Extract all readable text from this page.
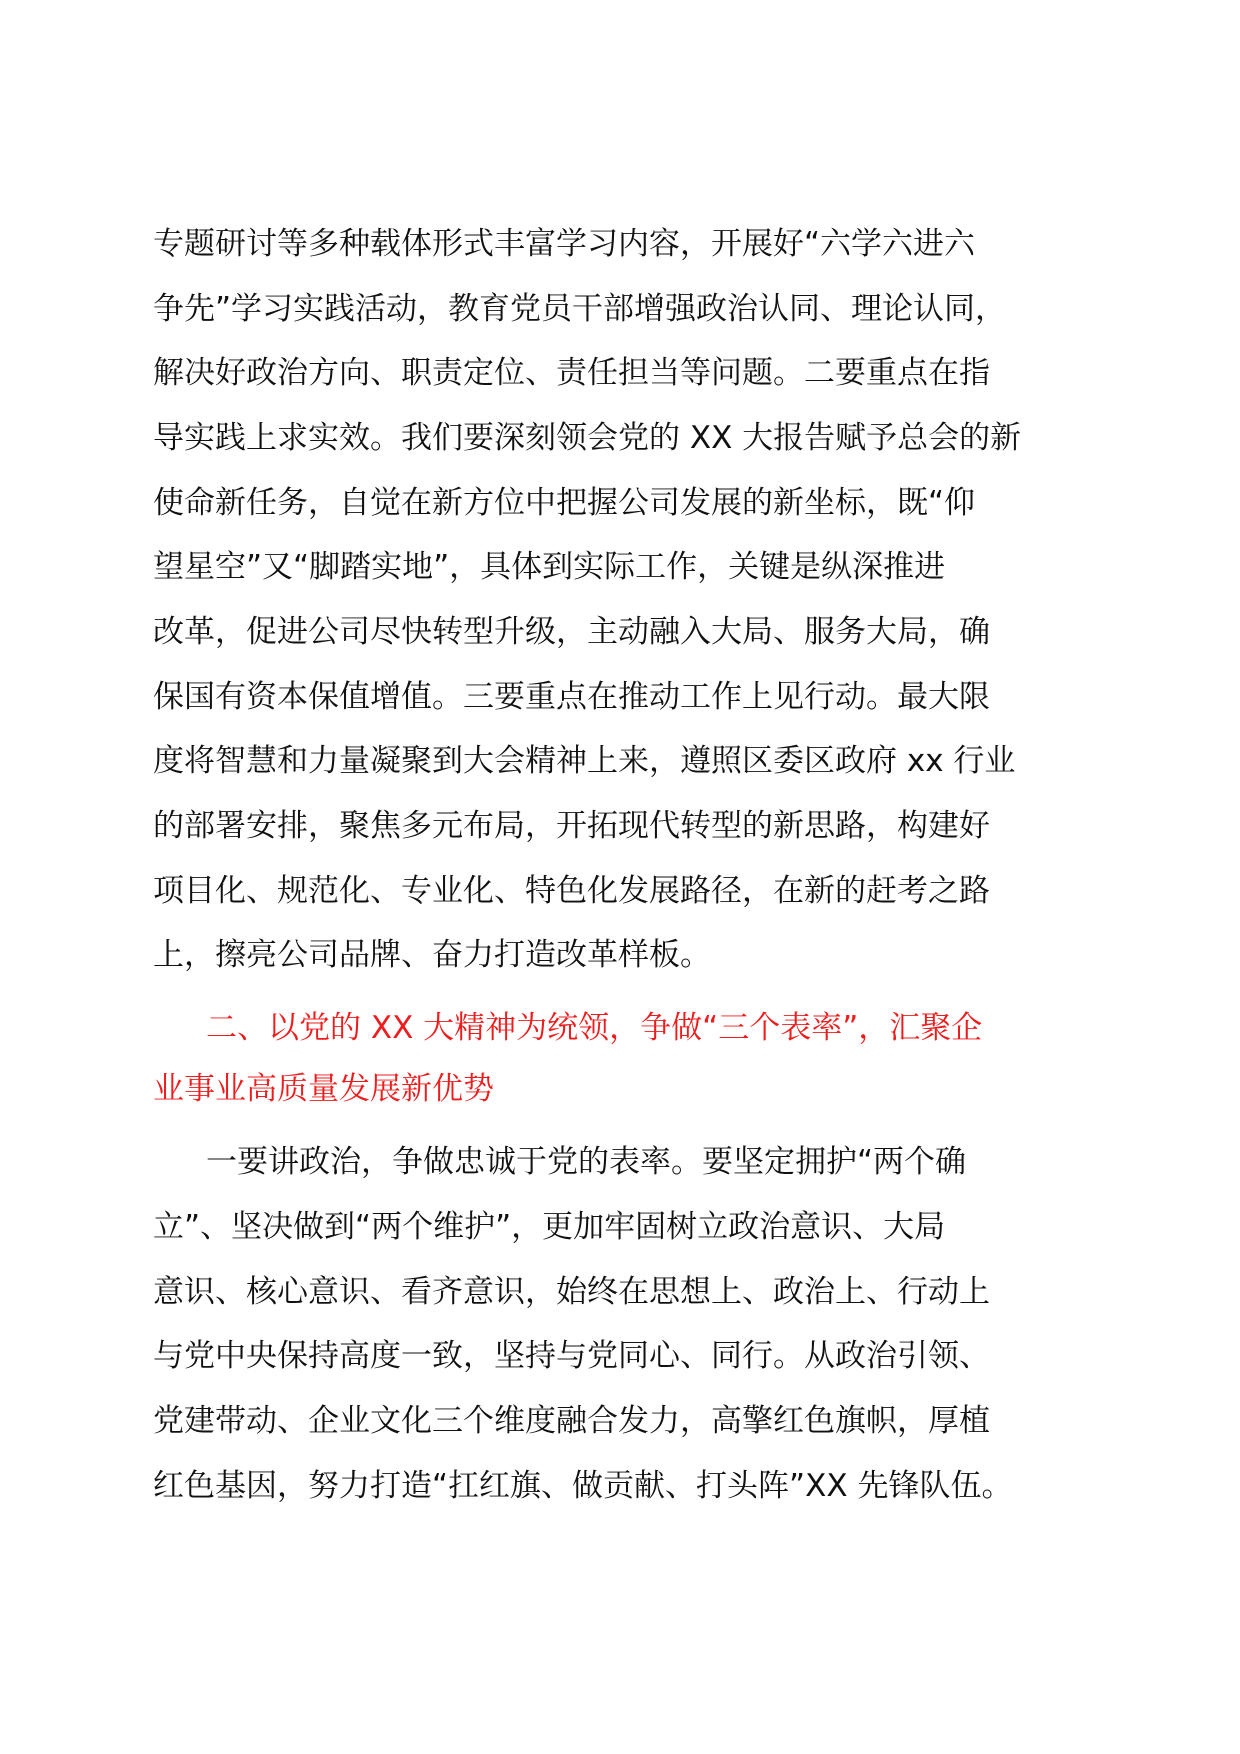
专题研讨等多种载体形式丰富学习内容，开展好“六学六进六
争先”学习实践活动，教育党员干部增强政治认同、理论认同，
解决好政治方向、职责定位、责任担当等问题。二要重点在指
导实践上求实效。我们要深刻领会党的 XX 大报告赋予总会的新
使命新任务，自觉在新方位中把握公司发展的新坐标，既“仰
望星空”又“脚踏实地”，具体到实际工作，关键是纵深推进
改革，促进公司尽快转型升级，主动融入大局、服务大局，确
保国有资本保值增值。三要重点在推动工作上见行动。最大限
度将智慧和力量凝聚到大会精神上来，遵照区委区政府 xx 行业
的部署安排，聚焦多元布局，开拓现代转型的新思路，构建好
项目化、规范化、专业化、特色化发展路径，在新的赶考之路
上，擦亮公司品牌、奋力打造改革样板。
二、以党的 XX 大精神为统领，争做“三个表率”，汇聚企
业事业高质量发展新优势
一要讲政治，争做忠诚于党的表率。要坚定拥护“两个确
立”、坚决做到“两个维护”，更加牢固树立政治意识、大局
意识、核心意识、看齐意识，始终在思想上、政治上、行动上
与党中央保持高度一致，坚持与党同心、同行。从政治引领、
党建带动、企业文化三个维度融合发力，高擎红色旗帜，厚植
红色基因，努力打造“扛红旗、做贡献、打头阵”XX 先锋队伍。
